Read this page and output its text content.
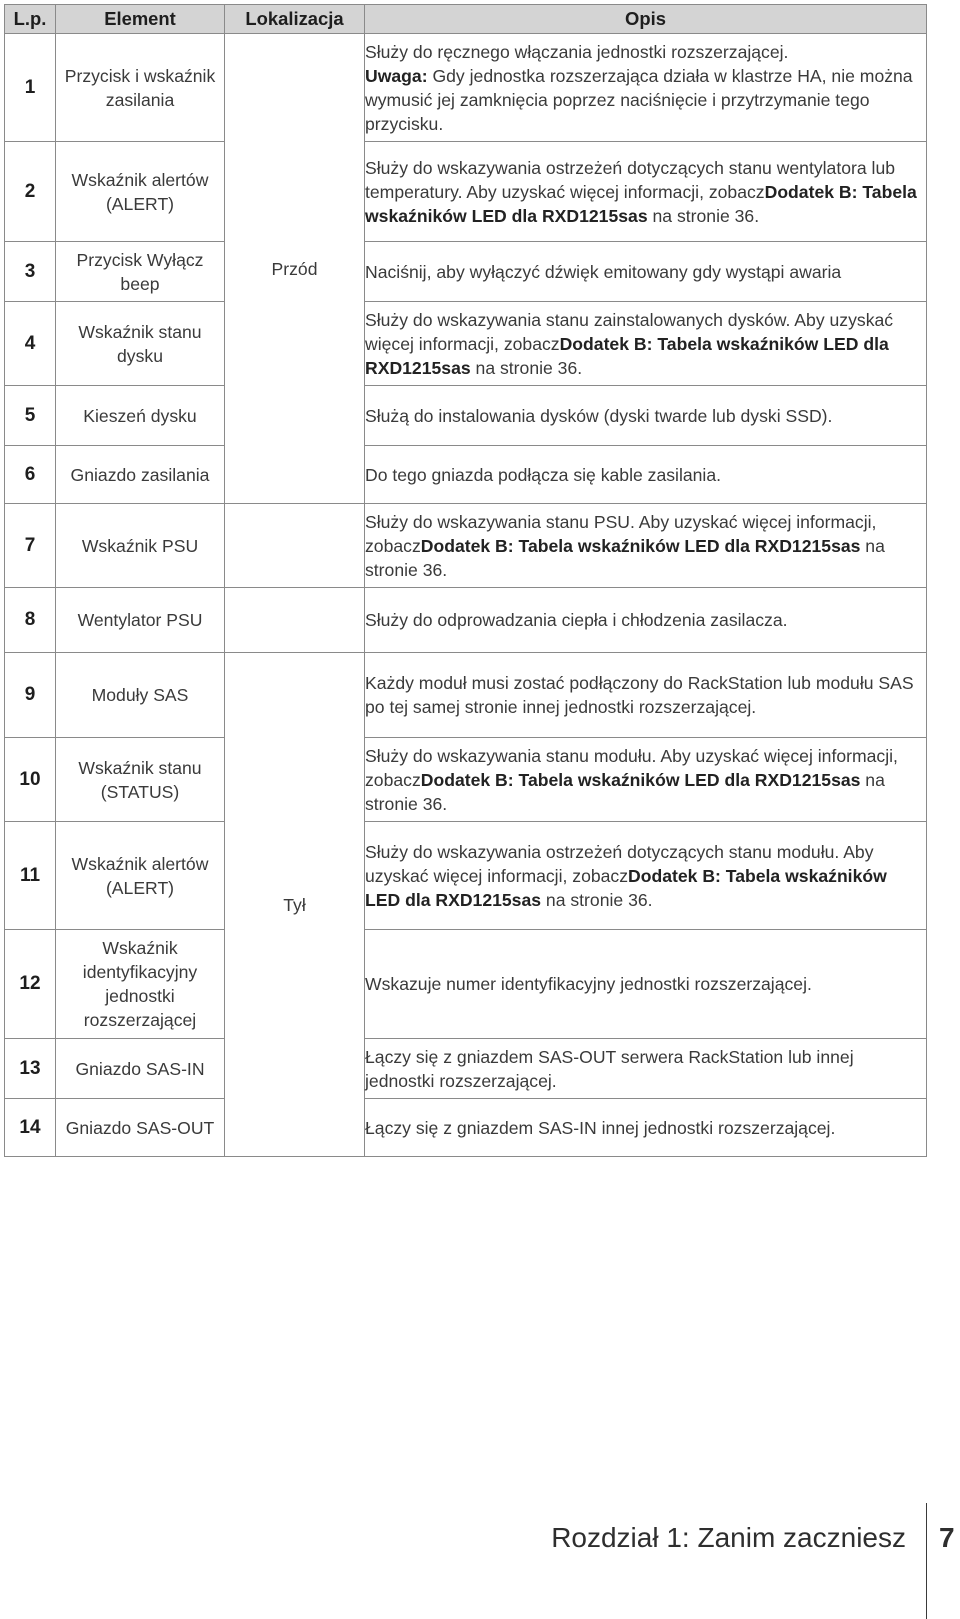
L.p.	Element	Lokalizacja	Opis
1	Przycisk i wskaźnik zasilania	Przód	Służy do ręcznego włączania jednostki rozszerzającej.
Uwaga: Gdy jednostka rozszerzająca działa w klastrze HA, nie można wymusić jej zamknięcia poprzez naciśnięcie i przytrzymanie tego przycisku.
2	Wskaźnik alertów (ALERT)		Służy do wskazywania ostrzeżeń dotyczących stanu wentylatora lub temperatury. Aby uzyskać więcej informacji, zobaczDodatek B: Tabela wskaźników LED dla RXD1215sas na stronie 36.
3	Przycisk Wyłącz beep		Naciśnij, aby wyłączyć dźwięk emitowany gdy wystąpi awaria
4	Wskaźnik stanu dysku		Służy do wskazywania stanu zainstalowanych dysków. Aby uzyskać więcej informacji, zobaczDodatek B: Tabela wskaźników LED dla RXD1215sas na stronie 36.
5	Kieszeń dysku		Służą do instalowania dysków (dyski twarde lub dyski SSD).
6	Gniazdo zasilania		Do tego gniazda podłącza się kable zasilania.
7	Wskaźnik PSU		Służy do wskazywania stanu PSU. Aby uzyskać więcej informacji, zobaczDodatek B: Tabela wskaźników LED dla RXD1215sas na stronie 36.
8	Wentylator PSU		Służy do odprowadzania ciepła i chłodzenia zasilacza.
9	Moduły SAS	Tył	Każdy moduł musi zostać podłączony do RackStation lub modułu SAS po tej samej stronie innej jednostki rozszerzającej.
10	Wskaźnik stanu (STATUS)		Służy do wskazywania stanu modułu. Aby uzyskać więcej informacji, zobaczDodatek B: Tabela wskaźników LED dla RXD1215sas na stronie 36.
11	Wskaźnik alertów (ALERT)		Służy do wskazywania ostrzeżeń dotyczących stanu modułu. Aby uzyskać więcej informacji, zobaczDodatek B: Tabela wskaźników LED dla RXD1215sas na stronie 36.
12	Wskaźnik identyfikacyjny jednostki rozszerzającej		Wskazuje numer identyfikacyjny jednostki rozszerzającej.
13	Gniazdo SAS-IN		Łączy się z gniazdem SAS-OUT serwera RackStation lub innej jednostki rozszerzającej.
14	Gniazdo SAS-OUT		Łączy się z gniazdem SAS-IN innej jednostki rozszerzającej.
Rozdział 1: Zanim zaczniesz 7
